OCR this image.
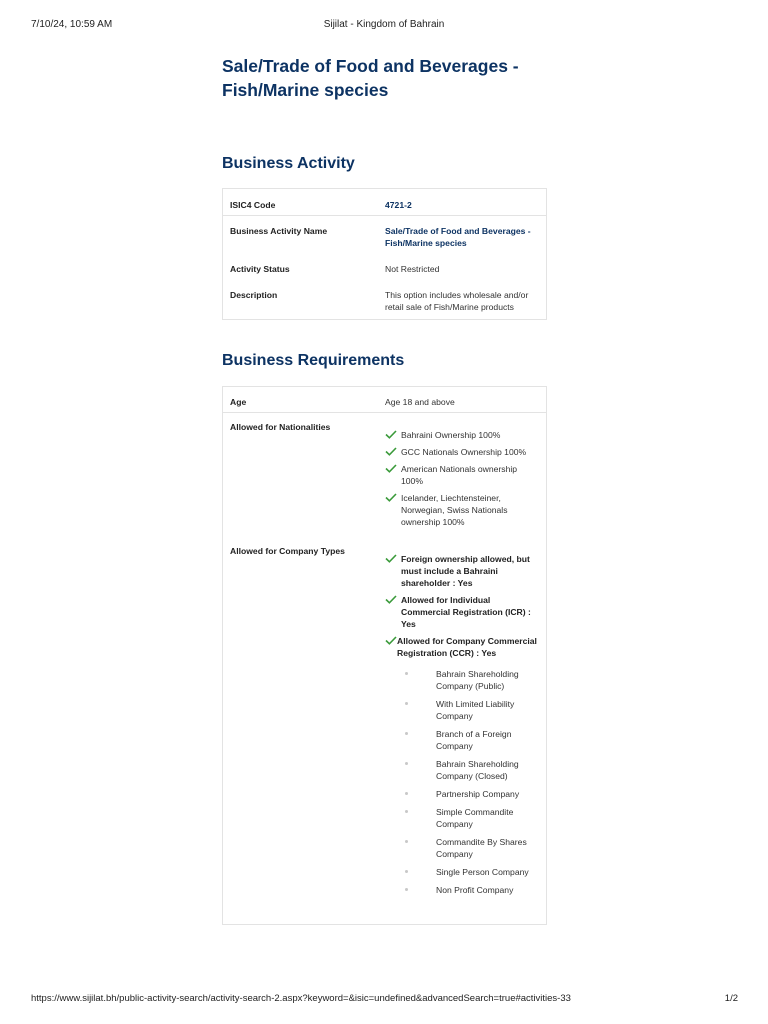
7/10/24, 10:59 AM	Sijilat - Kingdom of Bahrain
Sale/Trade of Food and Beverages - Fish/Marine species
Business Activity
ISIC4 Code	4721-2
Business Activity Name	Sale/Trade of Food and Beverages - Fish/Marine species
Activity Status	Not Restricted
Description	This option includes wholesale and/or retail sale of Fish/Marine products
Business Requirements
Age	Age 18 and above
Allowed for Nationalities
Bahraini Ownership 100%
GCC Nationals Ownership 100%
American Nationals ownership 100%
Icelander, Liechtensteiner, Norwegian, Swiss Nationals ownership 100%
Allowed for Company Types
Foreign ownership allowed, but must include a Bahraini shareholder : Yes
Allowed for Individual Commercial Registration (ICR) : Yes
Allowed for Company Commercial Registration (CCR) : Yes
Bahrain Shareholding Company (Public)
With Limited Liability Company
Branch of a Foreign Company
Bahrain Shareholding Company (Closed)
Partnership Company
Simple Commandite Company
Commandite By Shares Company
Single Person Company
Non Profit Company
https://www.sijilat.bh/public-activity-search/activity-search-2.aspx?keyword=&isic=undefined&advancedSearch=true#activities-33	1/2
